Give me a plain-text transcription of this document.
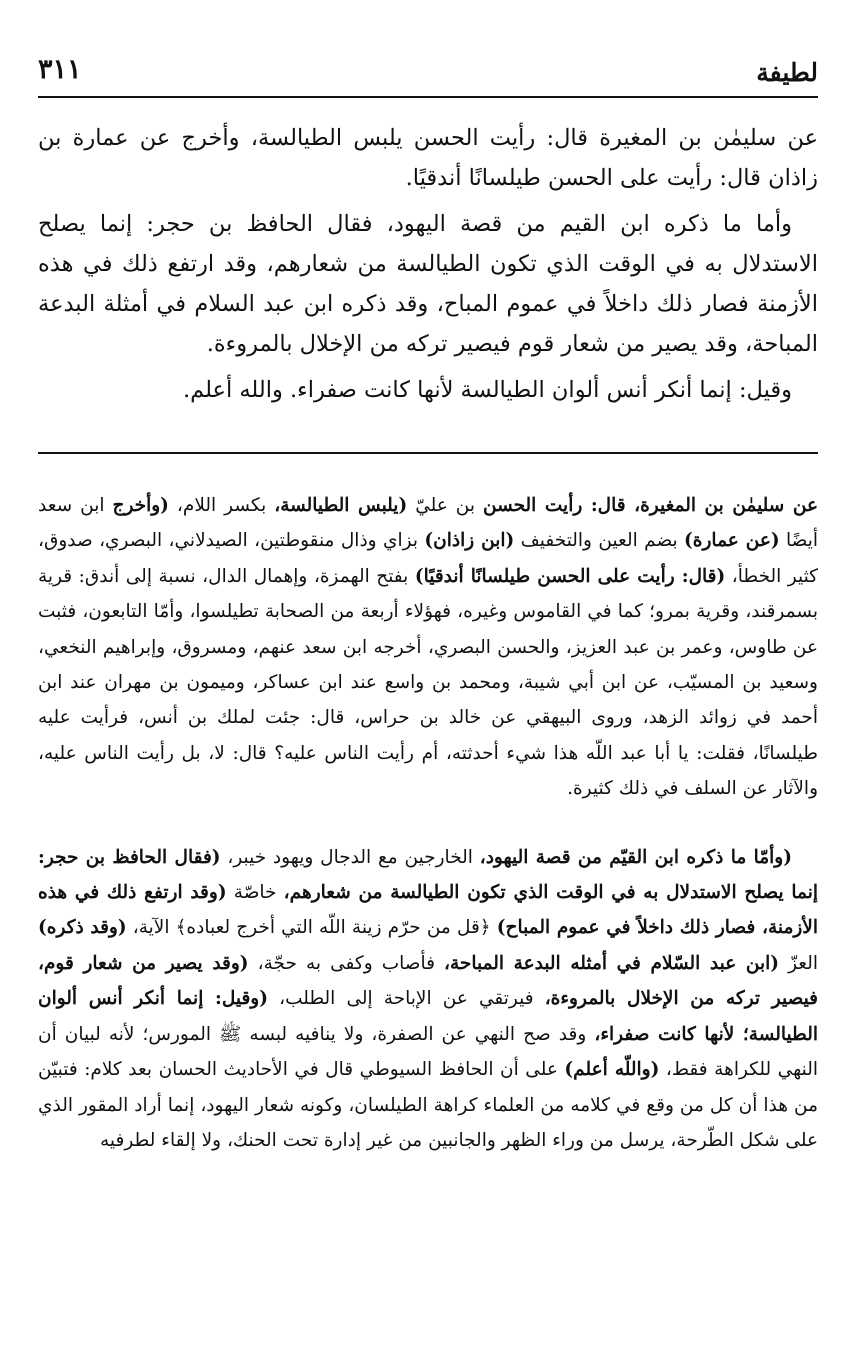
لطيفة
٣١١

عن سليمٰن بن المغيرة قال: رأيت الحسن يلبس الطيالسة، وأخرج عن عمارة بن زاذان قال: رأيت على الحسن طيلسانًا أندقيًا.

وأما ما ذكره ابن القيم من قصة اليهود، فقال الحافظ بن حجر: إنما يصلح الاستدلال به في الوقت الذي تكون الطيالسة من شعارهم، وقد ارتفع ذلك في هذه الأزمنة فصار ذلك داخلاً في عموم المباح، وقد ذكره ابن عبد السلام في أمثلة البدعة المباحة، وقد يصير من شعار قوم فيصير تركه من الإخلال بالمروءة.

وقيل: إنما أنكر أنس ألوان الطيالسة لأنها كانت صفراء. والله أعلم.

عن سليمٰن بن المغيرة، قال: رأيت الحسن بن عليّ (يلبس الطيالسة، بكسر اللام، (وأخرج ابن سعد أيضًا (عن عمارة) بضم العين والتخفيف (ابن زاذان) بزاي وذال منقوطتين، الصيدلاني، البصري، صدوق، كثير الخطأ، (قال: رأيت على الحسن طيلسانًا أندقيًا) بفتح الهمزة، وإهمال الدال، نسبة إلى أندق: قرية بسمرقند، وقرية بمرو؛ كما في القاموس وغيره، فهؤلاء أربعة من الصحابة تطيلسوا، وأمّا التابعون، فثبت عن طاوس، وعمر بن عبد العزيز، والحسن البصري، أخرجه ابن سعد عنهم، ومسروق، وإبراهيم النخعي، وسعيد بن المسيّب، عن ابن أبي شيبة، ومحمد بن واسع عند ابن عساكر، وميمون بن مهران عند ابن أحمد في زوائد الزهد، وروى البيهقي عن خالد بن حراس، قال: جئت لملك بن أنس، فرأيت عليه طيلسانًا، فقلت: يا أبا عبد اللّه هذا شيء أحدثته، أم رأيت الناس عليه؟ قال: لا، بل رأيت الناس عليه، والآثار عن السلف في ذلك كثيرة.

(وأمّا ما ذكره ابن القيّم من قصة اليهود، الخارجين مع الدجال ويهود خيبر، (فقال الحافظ بن حجر: إنما يصلح الاستدلال به في الوقت الذي تكون الطيالسة من شعارهم، خاصّة (وقد ارتفع ذلك في هذه الأزمنة، فصار ذلك داخلاً في عموم المباح) ﴿قل من حرّم زينة اللّه التي أخرج لعباده﴾ الآية، (وقد ذكره) العزّ (ابن عبد السّلام في أمثله البدعة المباحة، فأصاب وكفى به حجّة، (وقد يصير من شعار قوم، فيصير تركه من الإخلال بالمروءة، فيرتقي عن الإباحة إلى الطلب، (وقيل: إنما أنكر أنس ألوان الطيالسة؛ لأنها كانت صفراء، وقد صح النهي عن الصفرة، ولا ينافيه لبسه ﷺ المورس؛ لأنه لبيان أن النهي للكراهة فقط، (واللّه أعلم) على أن الحافظ السيوطي قال في الأحاديث الحسان بعد كلام: فتبيّن من هذا أن كل من وقع في كلامه من العلماء كراهة الطيلسان، وكونه شعار اليهود، إنما أراد المقور الذي على شكل الطّرحة، يرسل من وراء الظهر والجانبين من غير إدارة تحت الحنك، ولا إلقاء لطرفيه
